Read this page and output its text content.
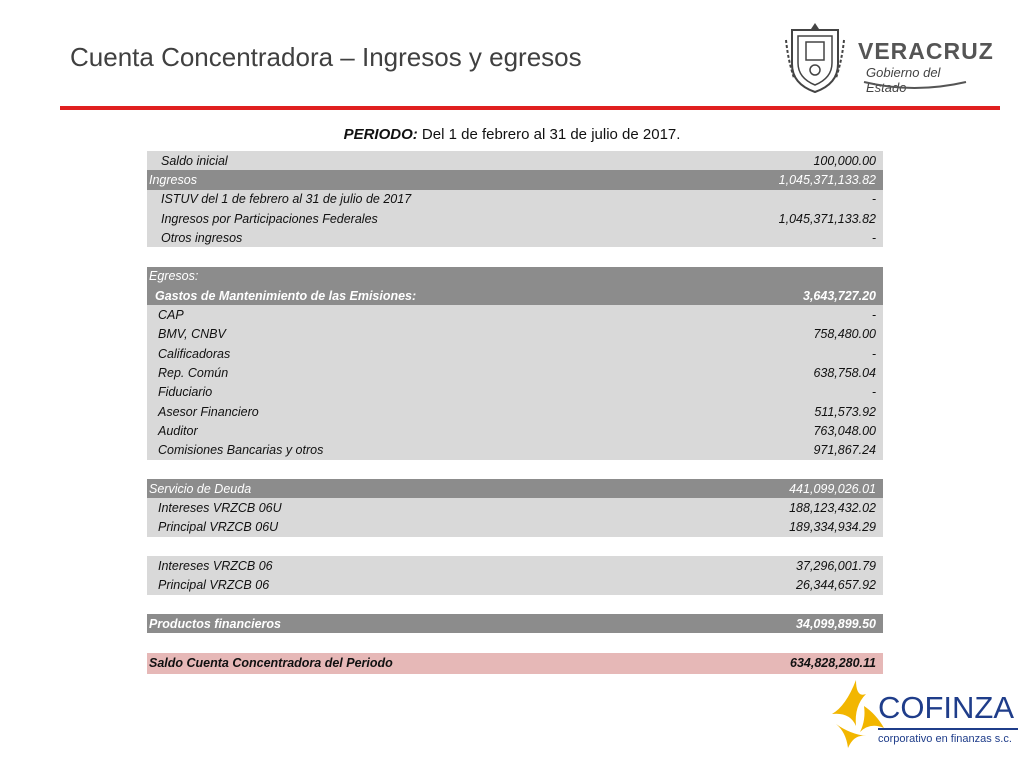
Cuenta Concentradora – Ingresos y egresos	VERACRUZ
Gobierno del Estado
PERIODO: Del 1 de febrero al 31 de julio de 2017.
Saldo inicial	100,000.00
Ingresos	1,045,371,133.82
ISTUV del 1 de febrero al 31 de julio de 2017	-
Ingresos por Participaciones Federales	1,045,371,133.82
Otros ingresos	-
Egresos:
Gastos de Mantenimiento de las Emisiones:	3,643,727.20
CAP	-
BMV, CNBV	758,480.00
Calificadoras	-
Rep. Común	638,758.04
Fiduciario	-
Asesor Financiero	511,573.92
Auditor	763,048.00
Comisiones Bancarias y otros	971,867.24
Servicio de Deuda	441,099,026.01
Intereses VRZCB 06U	188,123,432.02
Principal VRZCB 06U	189,334,934.29
Intereses VRZCB 06	37,296,001.79
Principal VRZCB 06	26,344,657.92
Productos financieros	34,099,899.50
Saldo Cuenta Concentradora del Periodo	634,828,280.11
COFINZA
corporativo en finanzas s.c.
